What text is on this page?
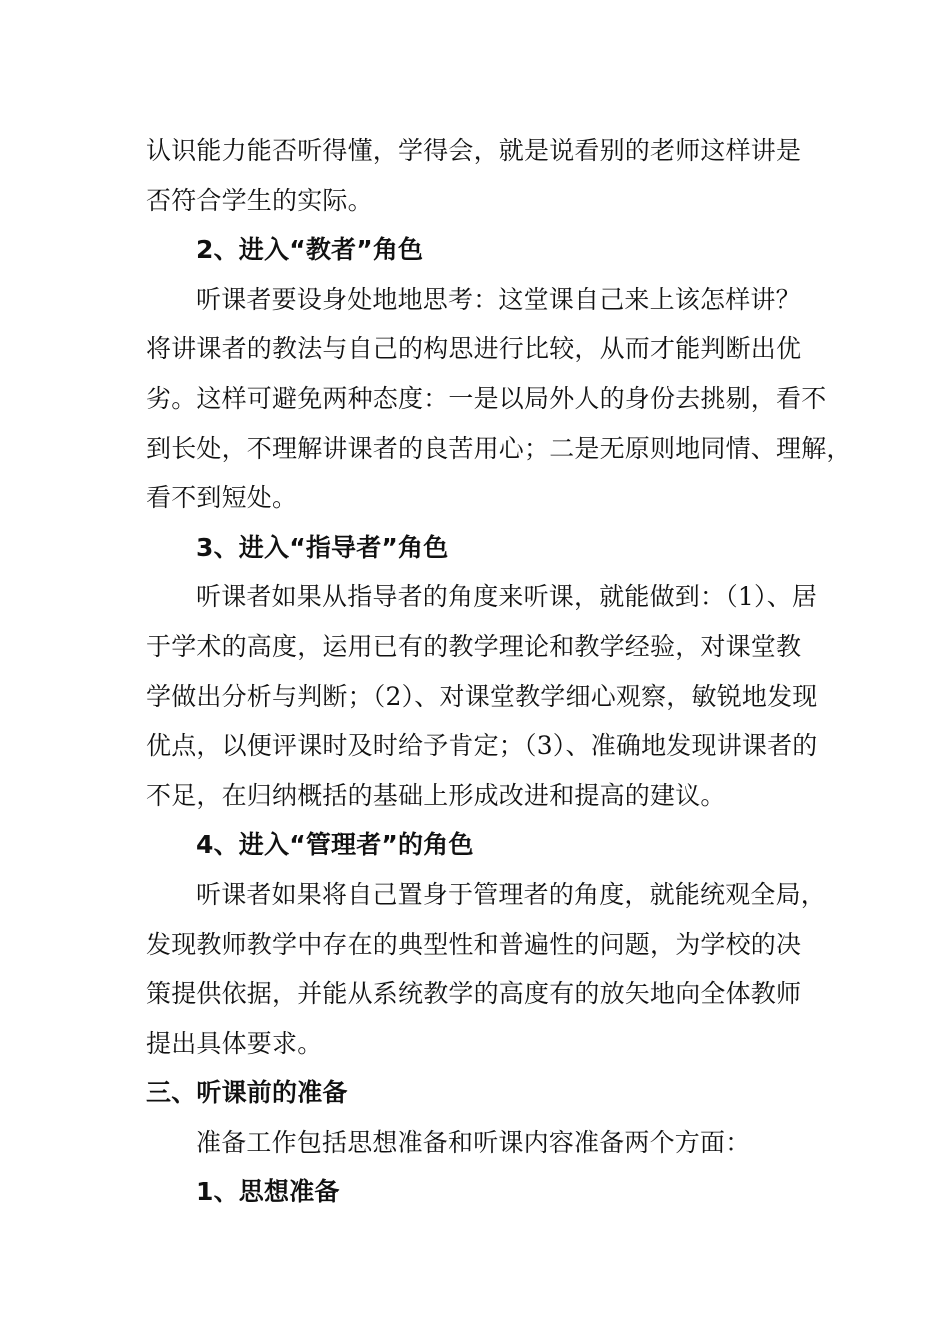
认识能力能否听得懂，学得会，就是说看别的老师这样讲是
否符合学生的实际。
2、进入“教者”角色
听课者要设身处地地思考：这堂课自己来上该怎样讲？
将讲课者的教法与自己的构思进行比较，从而才能判断出优
劣。这样可避免两种态度：一是以局外人的身份去挑剔，看不
到长处，不理解讲课者的良苦用心；二是无原则地同情、理解，
看不到短处。
3、进入“指导者”角色
听课者如果从指导者的角度来听课，就能做到：（1）、居
于学术的高度，运用已有的教学理论和教学经验，对课堂教
学做出分析与判断；（2）、对课堂教学细心观察，敏锐地发现
优点，以便评课时及时给予肯定；（3）、准确地发现讲课者的
不足，在归纳概括的基础上形成改进和提高的建议。
4、进入“管理者”的角色
听课者如果将自己置身于管理者的角度，就能统观全局，
发现教师教学中存在的典型性和普遍性的问题，为学校的决
策提供依据，并能从系统教学的高度有的放矢地向全体教师
提出具体要求。
三、听课前的准备
准备工作包括思想准备和听课内容准备两个方面：
1、思想准备
